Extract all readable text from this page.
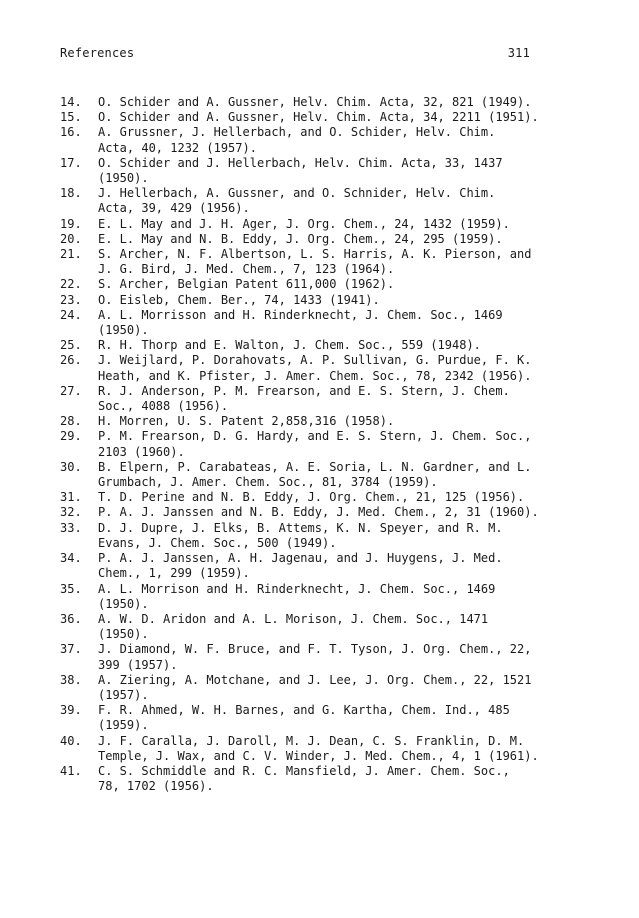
References	311
14.	O. Schider and A. Gussner, Helv. Chim. Acta, 32, 821 (1949).
15.	O. Schider and A. Gussner, Helv. Chim. Acta, 34, 2211 (1951).
16.	A. Grussner, J. Hellerbach, and O. Schider, Helv. Chim.
Acta, 40, 1232 (1957).
17.	O. Schider and J. Hellerbach, Helv. Chim. Acta, 33, 1437
(1950).
18.	J. Hellerbach, A. Gussner, and O. Schnider, Helv. Chim.
Acta, 39, 429 (1956).
19.	E. L. May and J. H. Ager, J. Org. Chem., 24, 1432 (1959).
20.	E. L. May and N. B. Eddy, J. Org. Chem., 24, 295 (1959).
21.	S. Archer, N. F. Albertson, L. S. Harris, A. K. Pierson, and
J. G. Bird, J. Med. Chem., 7, 123 (1964).
22.	S. Archer, Belgian Patent 611,000 (1962).
23.	O. Eisleb, Chem. Ber., 74, 1433 (1941).
24.	A. L. Morrisson and H. Rinderknecht, J. Chem. Soc., 1469
(1950).
25.	R. H. Thorp and E. Walton, J. Chem. Soc., 559 (1948).
26.	J. Weijlard, P. Dorahovats, A. P. Sullivan, G. Purdue, F. K.
Heath, and K. Pfister, J. Amer. Chem. Soc., 78, 2342 (1956).
27.	R. J. Anderson, P. M. Frearson, and E. S. Stern, J. Chem.
Soc., 4088 (1956).
28.	H. Morren, U. S. Patent 2,858,316 (1958).
29.	P. M. Frearson, D. G. Hardy, and E. S. Stern, J. Chem. Soc.,
2103 (1960).
30.	B. Elpern, P. Carabateas, A. E. Soria, L. N. Gardner, and L.
Grumbach, J. Amer. Chem. Soc., 81, 3784 (1959).
31.	T. D. Perine and N. B. Eddy, J. Org. Chem., 21, 125 (1956).
32.	P. A. J. Janssen and N. B. Eddy, J. Med. Chem., 2, 31 (1960).
33.	D. J. Dupre, J. Elks, B. Attems, K. N. Speyer, and R. M.
Evans, J. Chem. Soc., 500 (1949).
34.	P. A. J. Janssen, A. H. Jagenau, and J. Huygens, J. Med.
Chem., 1, 299 (1959).
35.	A. L. Morrison and H. Rinderknecht, J. Chem. Soc., 1469
(1950).
36.	A. W. D. Aridon and A. L. Morison, J. Chem. Soc., 1471
(1950).
37.	J. Diamond, W. F. Bruce, and F. T. Tyson, J. Org. Chem., 22,
399 (1957).
38.	A. Ziering, A. Motchane, and J. Lee, J. Org. Chem., 22, 1521
(1957).
39.	F. R. Ahmed, W. H. Barnes, and G. Kartha, Chem. Ind., 485
(1959).
40.	J. F. Caralla, J. Daroll, M. J. Dean, C. S. Franklin, D. M.
Temple, J. Wax, and C. V. Winder, J. Med. Chem., 4, 1 (1961).
41.	C. S. Schmiddle and R. C. Mansfield, J. Amer. Chem. Soc.,
78, 1702 (1956).
